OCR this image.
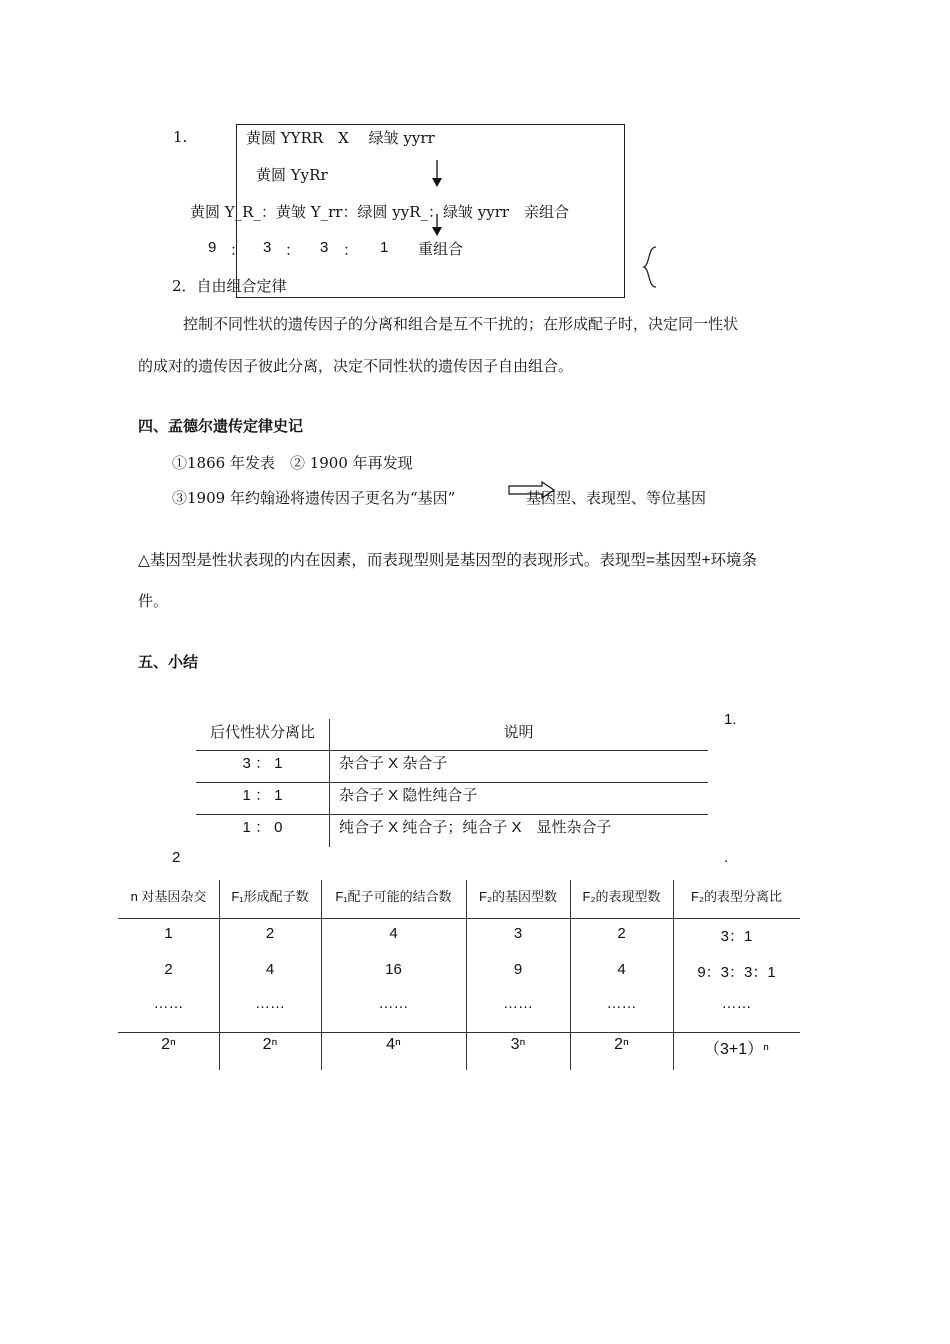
1.	黄圆 YYRR　X　 绿皱 yyrr
黄圆 YyRr
黄圆 Y_R_：黄皱 Y_rr：绿圆 yyR_：绿皱 yyrr　亲组合
9 ： 3 ： 3 ： 1 重组合
2．自由组合定律
控制不同性状的遗传因子的分离和组合是互不干扰的；在形成配子时，决定同一性状
的成对的遗传因子彼此分离，决定不同性状的遗传因子自由组合。
四、孟德尔遗传定律史记
①1866 年发表　② 1900 年再发现
③1909 年约翰逊将遗传因子更名为“基因”	基因型、表现型、等位基因
△基因型是性状表现的内在因素，而表现型则是基因型的表现形式。表现型=基因型+环境条
件。
五、小结
1.
后代性状分离比	说明
3 ： 1	杂合子 X 杂合子
1 ： 1	杂合子 X 隐性纯合子
1 ： 0	纯合子 X 纯合子；纯合子 X　显性杂合子
2	.
n 对基因杂交	F₁形成配子数	F₁配子可能的结合数	F₂的基因型数	F₂的表现型数	F₂的表型分离比
1	2	4	3	2	3：1
2	4	16	9	4	9：3：3：1
……	……	……	……	……	……
2ⁿ	2ⁿ	4ⁿ	3ⁿ	2ⁿ	（3+1）ⁿ
